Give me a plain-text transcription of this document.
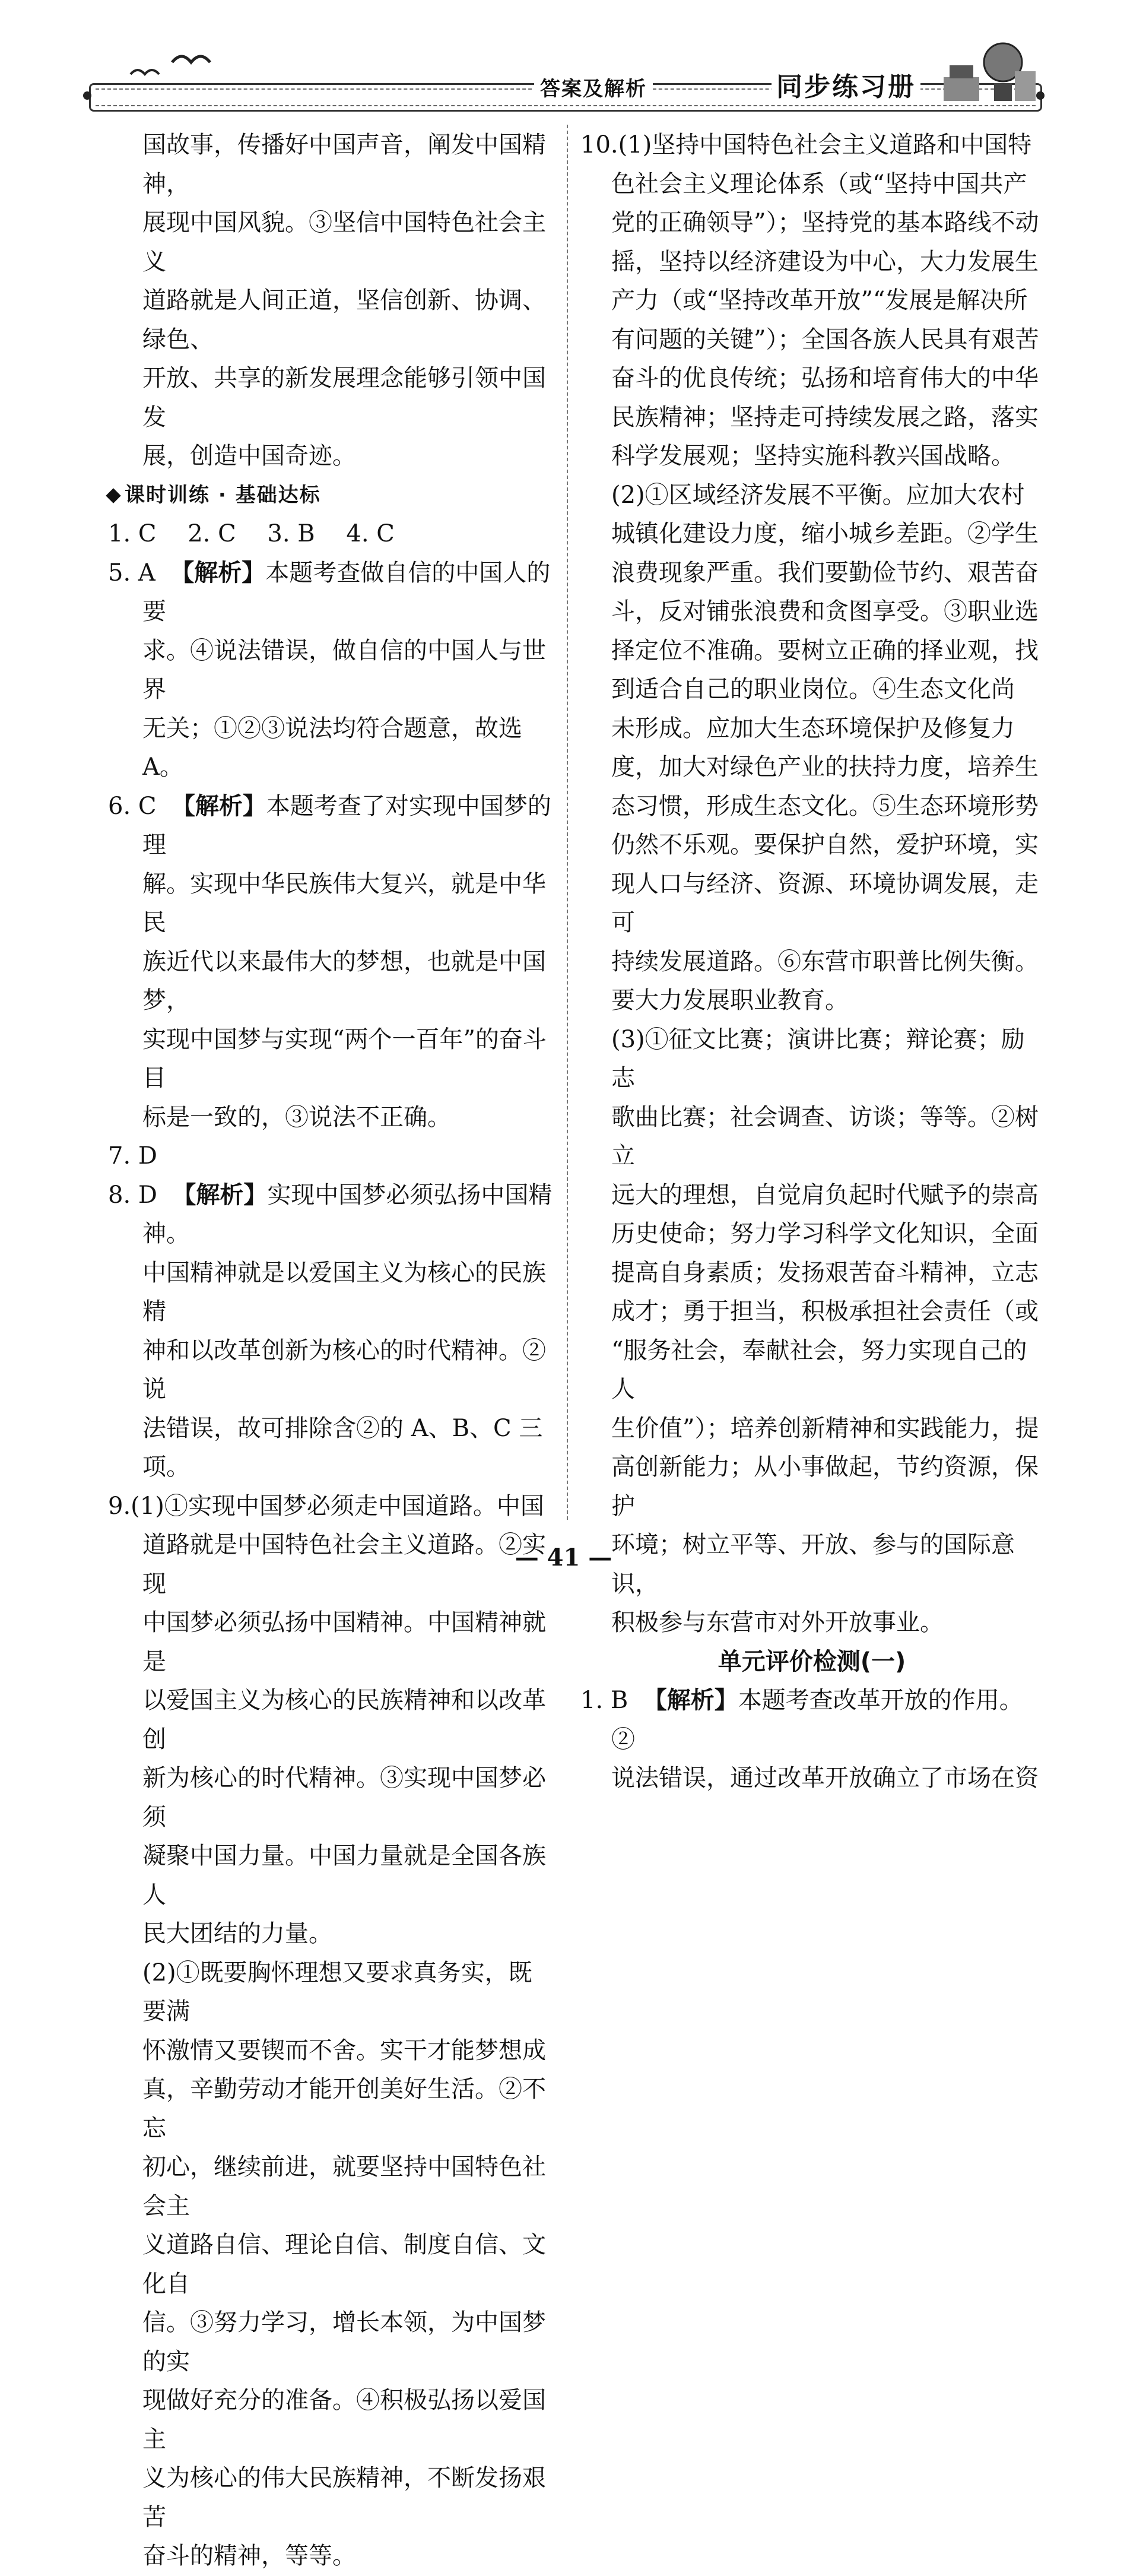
答案及解析	同步练习册

国故事，传播好中国声音，阐发中国精神，

展现中国风貌。③坚信中国特色社会主义

道路就是人间正道，坚信创新、协调、绿色、

开放、共享的新发展理念能够引领中国发

展，创造中国奇迹。

课时训练 · 基础达标

1. C 2. C 3. B 4. C

5. A 【解析】本题考查做自信的中国人的要

求。④说法错误，做自信的中国人与世界

无关；①②③说法均符合题意，故选 A。

6. C 【解析】本题考查了对实现中国梦的理

解。实现中华民族伟大复兴，就是中华民

族近代以来最伟大的梦想，也就是中国梦，

实现中国梦与实现“两个一百年”的奋斗目

标是一致的，③说法不正确。

7. D

8. D 【解析】实现中国梦必须弘扬中国精神。

中国精神就是以爱国主义为核心的民族精

神和以改革创新为核心的时代精神。②说

法错误，故可排除含②的 A、B、C 三项。

9.(1)①实现中国梦必须走中国道路。中国

道路就是中国特色社会主义道路。②实现

中国梦必须弘扬中国精神。中国精神就是

以爱国主义为核心的民族精神和以改革创

新为核心的时代精神。③实现中国梦必须

凝聚中国力量。中国力量就是全国各族人

民大团结的力量。

(2)①既要胸怀理想又要求真务实，既要满

怀激情又要锲而不舍。实干才能梦想成

真，辛勤劳动才能开创美好生活。②不忘

初心，继续前进，就要坚持中国特色社会主

义道路自信、理论自信、制度自信、文化自

信。③努力学习，增长本领，为中国梦的实

现做好充分的准备。④积极弘扬以爱国主

义为核心的伟大民族精神，不断发扬艰苦

奋斗的精神，等等。

10.(1)坚持中国特色社会主义道路和中国特

色社会主义理论体系（或“坚持中国共产

党的正确领导”）；坚持党的基本路线不动

摇，坚持以经济建设为中心，大力发展生

产力（或“坚持改革开放”“发展是解决所

有问题的关键”）；全国各族人民具有艰苦

奋斗的优良传统；弘扬和培育伟大的中华

民族精神；坚持走可持续发展之路，落实

科学发展观；坚持实施科教兴国战略。

(2)①区域经济发展不平衡。应加大农村

城镇化建设力度，缩小城乡差距。②学生

浪费现象严重。我们要勤俭节约、艰苦奋

斗，反对铺张浪费和贪图享受。③职业选

择定位不准确。要树立正确的择业观，找

到适合自己的职业岗位。④生态文化尚

未形成。应加大生态环境保护及修复力

度，加大对绿色产业的扶持力度，培养生

态习惯，形成生态文化。⑤生态环境形势

仍然不乐观。要保护自然，爱护环境，实

现人口与经济、资源、环境协调发展，走可

持续发展道路。⑥东营市职普比例失衡。

要大力发展职业教育。

(3)①征文比赛；演讲比赛；辩论赛；励志

歌曲比赛；社会调查、访谈；等等。②树立

远大的理想，自觉肩负起时代赋予的崇高

历史使命；努力学习科学文化知识，全面

提高自身素质；发扬艰苦奋斗精神，立志

成才；勇于担当，积极承担社会责任（或

“服务社会，奉献社会，努力实现自己的人

生价值”）；培养创新精神和实践能力，提

高创新能力；从小事做起，节约资源，保护

环境；树立平等、开放、参与的国际意识，

积极参与东营市对外开放事业。

单元评价检测(一)

1. B 【解析】本题考查改革开放的作用。②

说法错误，通过改革开放确立了市场在资

— 41 —
